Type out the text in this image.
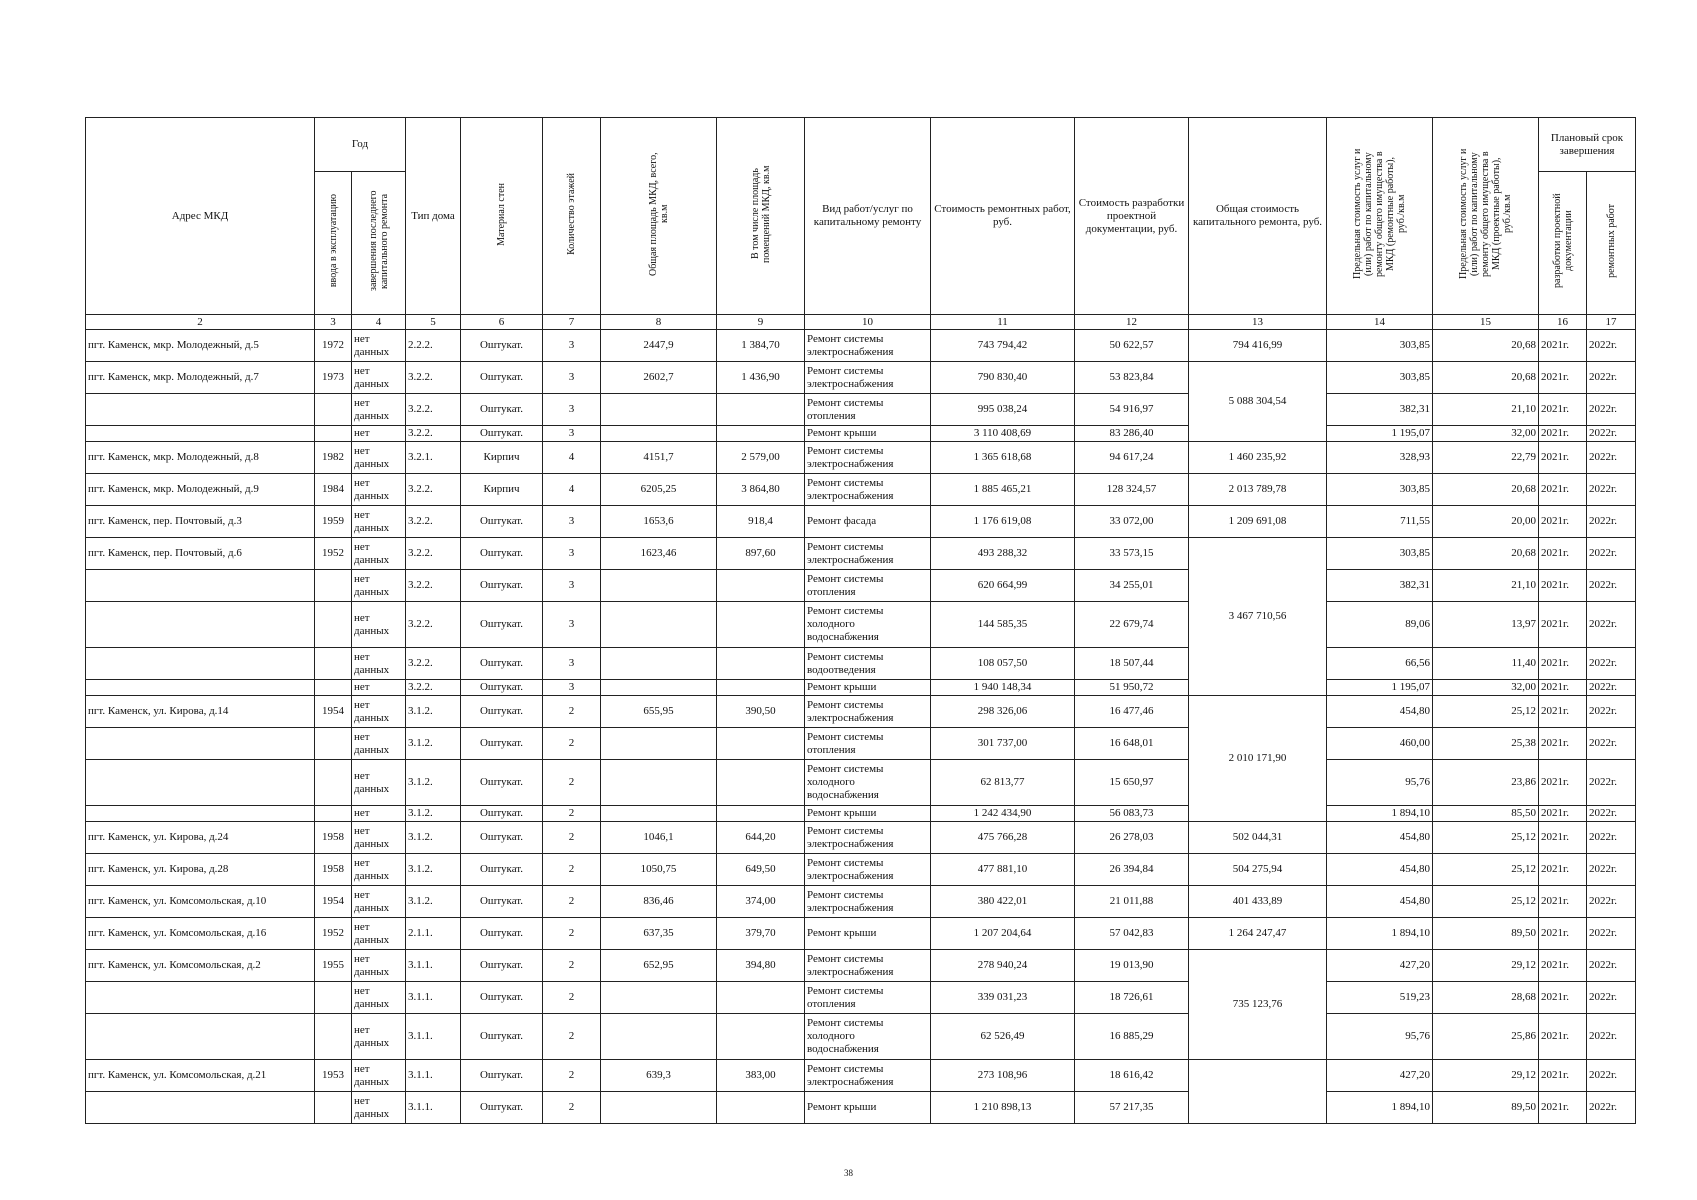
Адрес МКД	Год		Тип дома	Материал стен	Количество этажей	Общая площадь МКД, всего, кв.м	В том числе площадь помещений МКД, кв.м	Вид работ/услуг по капитальному ремонту	Стоимость ремонтных работ, руб.	Стоимость разработки проектной документации, руб.	Общая стоимость капитального ремонта, руб.	Предельная стоимость услуг и (или) работ по капитальному ремонту общего имущества в МКД (ремонтные работы), руб./кв.м	Предельная стоимость услуг и (или) работ по капитальному ремонту общего имущества в МКД (проектные работы), руб./кв.м	Плановый срок завершения	
	ввода в эксплуатацию	завершения последнего капитального ремонта												разработки проектной документации	ремонтных работ
2	3	4	5	6	7	8	9	10	11	12	13	14	15	16	17
пгт. Каменск, мкр. Молодежный, д.5	1972	нет данных	2.2.2.	Оштукат.	3	2447,9	1 384,70	Ремонт системы электроснабжения	743 794,42	50 622,57	794 416,99	303,85	20,68	2021г.	2022г.
пгт. Каменск, мкр. Молодежный, д.7	1973	нет данных	3.2.2.	Оштукат.	3	2602,7	1 436,90	Ремонт системы электроснабжения	790 830,40	53 823,84	5 088 304,54	303,85	20,68	2021г.	2022г.
		нет данных	3.2.2.	Оштукат.	3			Ремонт системы отопления	995 038,24	54 916,97		382,31	21,10	2021г.	2022г.
		нет	3.2.2.	Оштукат.	3			Ремонт крыши	3 110 408,69	83 286,40		1 195,07	32,00	2021г.	2022г.
пгт. Каменск, мкр. Молодежный, д.8	1982	нет данных	3.2.1.	Кирпич	4	4151,7	2 579,00	Ремонт системы электроснабжения	1 365 618,68	94 617,24	1 460 235,92	328,93	22,79	2021г.	2022г.
пгт. Каменск, мкр. Молодежный, д.9	1984	нет данных	3.2.2.	Кирпич	4	6205,25	3 864,80	Ремонт системы электроснабжения	1 885 465,21	128 324,57	2 013 789,78	303,85	20,68	2021г.	2022г.
пгт. Каменск, пер. Почтовый, д.3	1959	нет данных	3.2.2.	Оштукат.	3	1653,6	918,4	Ремонт фасада	1 176 619,08	33 072,00	1 209 691,08	711,55	20,00	2021г.	2022г.
пгт. Каменск, пер. Почтовый, д.6	1952	нет данных	3.2.2.	Оштукат.	3	1623,46	897,60	Ремонт системы электроснабжения	493 288,32	33 573,15	3 467 710,56	303,85	20,68	2021г.	2022г.
		нет данных	3.2.2.	Оштукат.	3			Ремонт системы отопления	620 664,99	34 255,01		382,31	21,10	2021г.	2022г.
		нет данных	3.2.2.	Оштукат.	3			Ремонт системы холодного водоснабжения	144 585,35	22 679,74		89,06	13,97	2021г.	2022г.
		нет данных	3.2.2.	Оштукат.	3			Ремонт системы водоотведения	108 057,50	18 507,44		66,56	11,40	2021г.	2022г.
		нет	3.2.2.	Оштукат.	3			Ремонт крыши	1 940 148,34	51 950,72		1 195,07	32,00	2021г.	2022г.
пгт. Каменск, ул. Кирова, д.14	1954	нет данных	3.1.2.	Оштукат.	2	655,95	390,50	Ремонт системы электроснабжения	298 326,06	16 477,46	2 010 171,90	454,80	25,12	2021г.	2022г.
		нет данных	3.1.2.	Оштукат.	2			Ремонт системы отопления	301 737,00	16 648,01		460,00	25,38	2021г.	2022г.
		нет данных	3.1.2.	Оштукат.	2			Ремонт системы холодного водоснабжения	62 813,77	15 650,97		95,76	23,86	2021г.	2022г.
		нет	3.1.2.	Оштукат.	2			Ремонт крыши	1 242 434,90	56 083,73		1 894,10	85,50	2021г.	2022г.
пгт. Каменск, ул. Кирова, д.24	1958	нет данных	3.1.2.	Оштукат.	2	1046,1	644,20	Ремонт системы электроснабжения	475 766,28	26 278,03	502 044,31	454,80	25,12	2021г.	2022г.
пгт. Каменск, ул. Кирова, д.28	1958	нет данных	3.1.2.	Оштукат.	2	1050,75	649,50	Ремонт системы электроснабжения	477 881,10	26 394,84	504 275,94	454,80	25,12	2021г.	2022г.
пгт. Каменск, ул. Комсомольская, д.10	1954	нет данных	3.1.2.	Оштукат.	2	836,46	374,00	Ремонт системы электроснабжения	380 422,01	21 011,88	401 433,89	454,80	25,12	2021г.	2022г.
пгт. Каменск, ул. Комсомольская, д.16	1952	нет данных	2.1.1.	Оштукат.	2	637,35	379,70	Ремонт крыши	1 207 204,64	57 042,83	1 264 247,47	1 894,10	89,50	2021г.	2022г.
пгт. Каменск, ул. Комсомольская, д.2	1955	нет данных	3.1.1.	Оштукат.	2	652,95	394,80	Ремонт системы электроснабжения	278 940,24	19 013,90	735 123,76	427,20	29,12	2021г.	2022г.
		нет данных	3.1.1.	Оштукат.	2			Ремонт системы отопления	339 031,23	18 726,61		519,23	28,68	2021г.	2022г.
		нет данных	3.1.1.	Оштукат.	2			Ремонт системы холодного водоснабжения	62 526,49	16 885,29		95,76	25,86	2021г.	2022г.
пгт. Каменск, ул. Комсомольская, д.21	1953	нет данных	3.1.1.	Оштукат.	2	639,3	383,00	Ремонт системы электроснабжения	273 108,96	18 616,42		427,20	29,12	2021г.	2022г.
		нет данных	3.1.1.	Оштукат.	2			Ремонт крыши	1 210 898,13	57 217,35		1 894,10	89,50	2021г.	2022г.
38
